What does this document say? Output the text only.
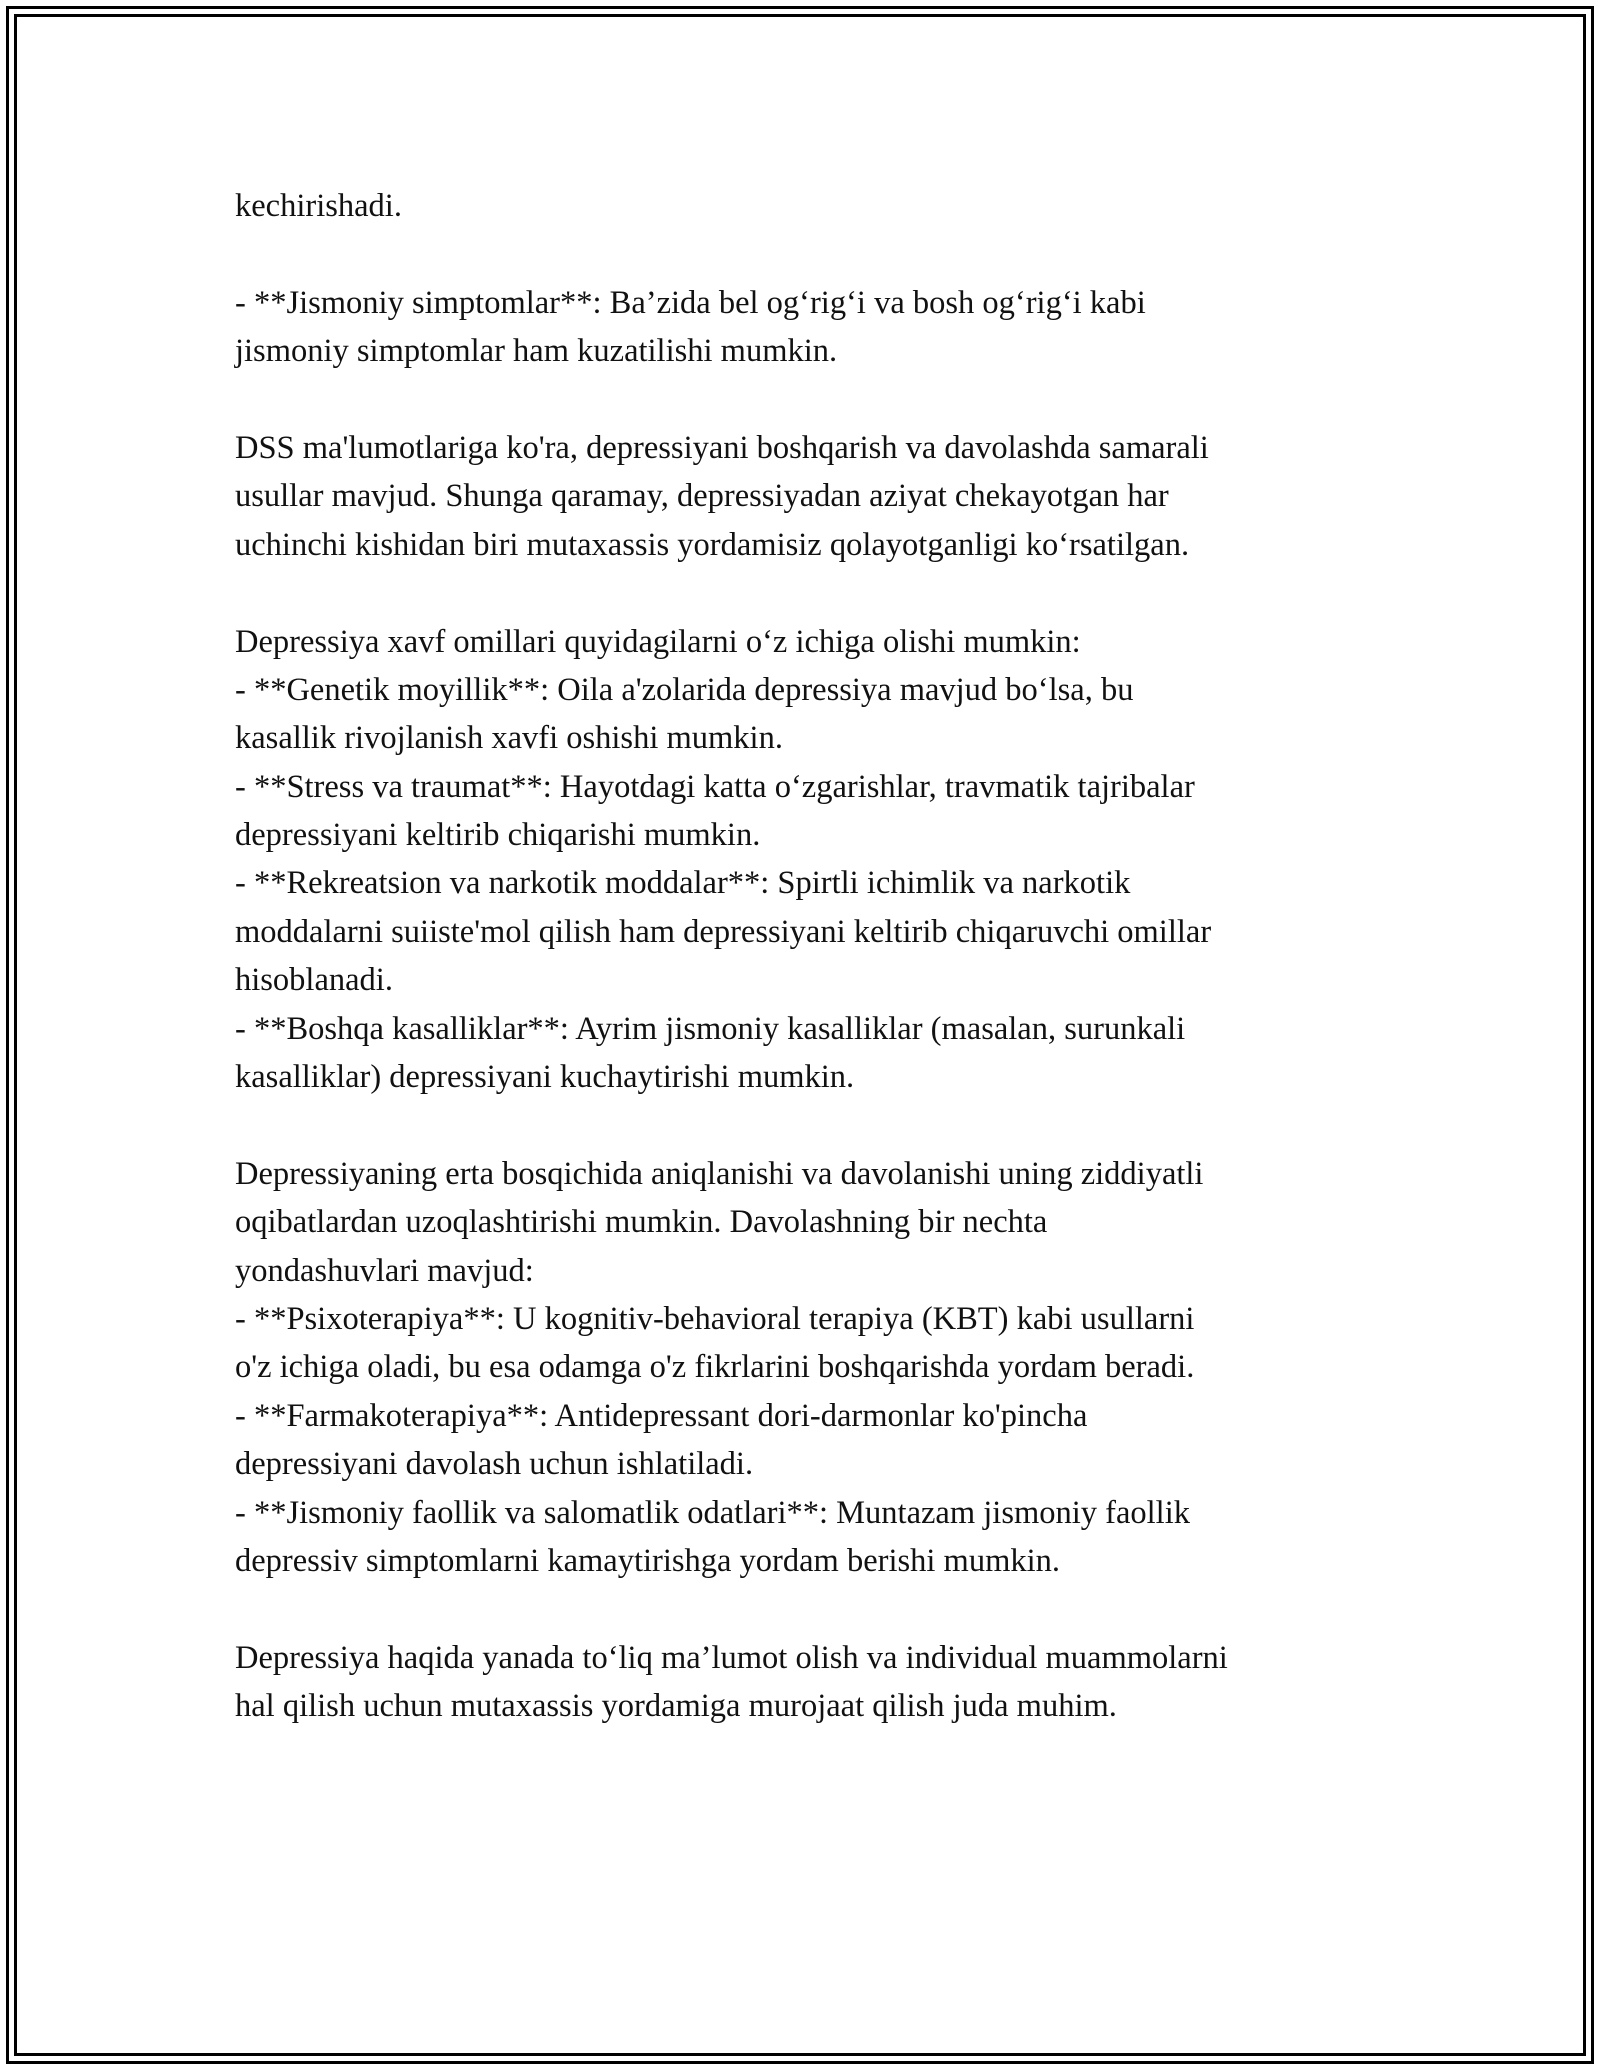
kechirishadi.
- **Jismoniy simptomlar**: Ba’zida bel og‘rig‘i va bosh og‘rig‘i kabi
jismoniy simptomlar ham kuzatilishi mumkin.
DSS ma'lumotlariga ko'ra, depressiyani boshqarish va davolashda samarali
usullar mavjud. Shunga qaramay, depressiyadan aziyat chekayotgan har
uchinchi kishidan biri mutaxassis yordamisiz qolayotganligi ko‘rsatilgan.
Depressiya xavf omillari quyidagilarni o‘z ichiga olishi mumkin:
- **Genetik moyillik**: Oila a'zolarida depressiya mavjud bo‘lsa, bu
kasallik rivojlanish xavfi oshishi mumkin.
- **Stress va traumat**: Hayotdagi katta o‘zgarishlar, travmatik tajribalar
depressiyani keltirib chiqarishi mumkin.
- **Rekreatsion va narkotik moddalar**: Spirtli ichimlik va narkotik
moddalarni suiiste'mol qilish ham depressiyani keltirib chiqaruvchi omillar
hisoblanadi.
- **Boshqa kasalliklar**: Ayrim jismoniy kasalliklar (masalan, surunkali
kasalliklar) depressiyani kuchaytirishi mumkin.
Depressiyaning erta bosqichida aniqlanishi va davolanishi uning ziddiyatli
oqibatlardan uzoqlashtirishi mumkin. Davolashning bir nechta
yondashuvlari mavjud:
- **Psixoterapiya**: U kognitiv-behavioral terapiya (KBT) kabi usullarni
o'z ichiga oladi, bu esa odamga o'z fikrlarini boshqarishda yordam beradi.
- **Farmakoterapiya**: Antidepressant dori-darmonlar ko'pincha
depressiyani davolash uchun ishlatiladi.
- **Jismoniy faollik va salomatlik odatlari**: Muntazam jismoniy faollik
depressiv simptomlarni kamaytirishga yordam berishi mumkin.
Depressiya haqida yanada to‘liq ma’lumot olish va individual muammolarni
hal qilish uchun mutaxassis yordamiga murojaat qilish juda muhim.
